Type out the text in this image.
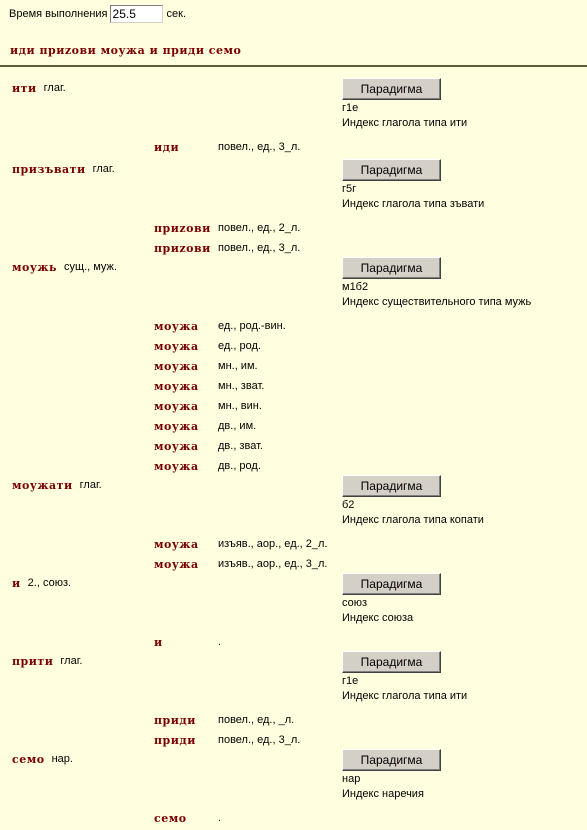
Время выполнения
25.5	сек.
иди приzови моужа и приди семо
ити глаг.	Парадигма
г1е
Индекс глагола типа ити
иди	повел., ед., 3_л.
призъвати глаг.	Парадигма
г5г
Индекс глагола типа зъвати
приzови повел., ед., 2_л.
приzови повел., ед., 3_л.
моужь сущ., муж.	Парадигма
м1б2
Индекс существительного типа мужь
моужа ед., род.-вин.
моужа ед., род.
моужа мн., им.
моужа мн., зват.
моужа мн., вин.
моужа дв., им.
моужа дв., зват.
моужа дв., род.
моужати глаг.	Парадигма
б2
Индекс глагола типа копати
моужа изъяв., аор., ед., 2_л.
моужа изъяв., аор., ед., 3_л.
и 2., союз.	Парадигма
союз
Индекс союза
и	.
прити глаг.	Парадигма
г1е
Индекс глагола типа ити
приди повел., ед., _л.
приди повел., ед., 3_л.
семо нар.	Парадигма
нар
Индекс наречия
семо	.
